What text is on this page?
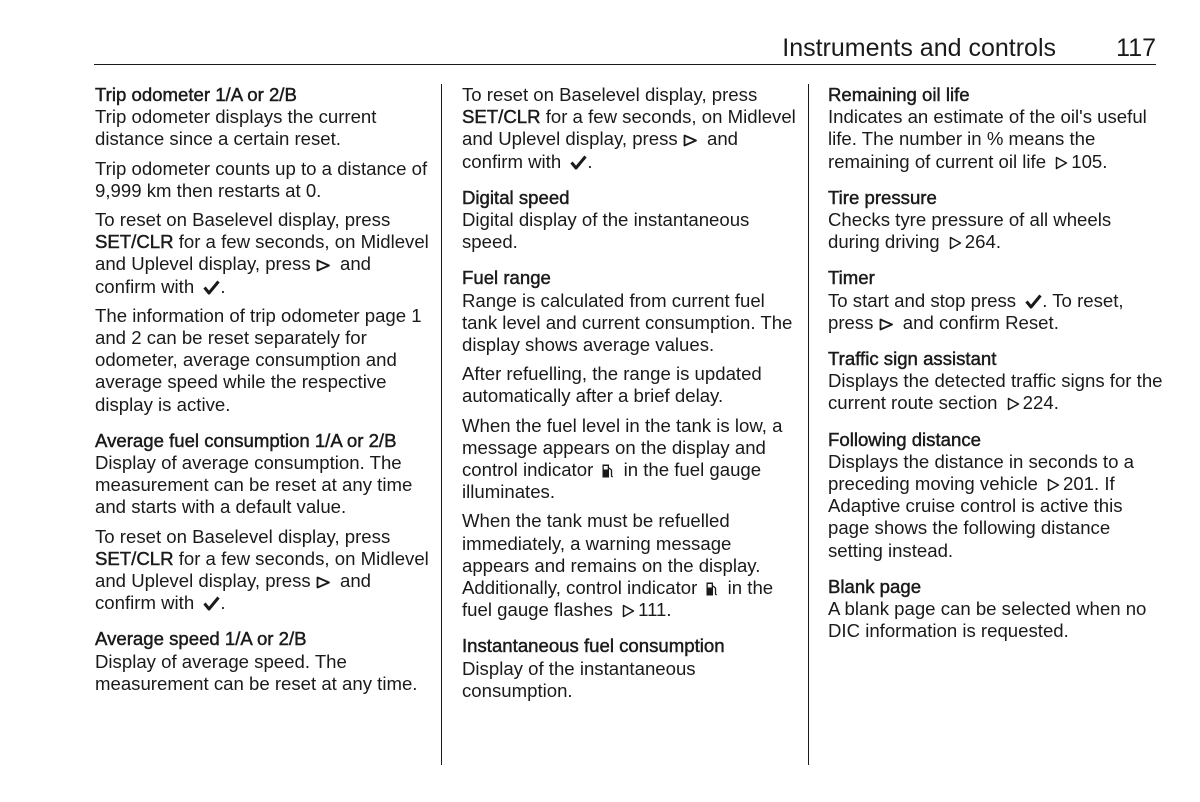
Instruments and controls 117
Trip odometer 1/A or 2/B

Trip odometer displays the current distance since a certain reset.

Trip odometer counts up to a distance of 9,999 km then restarts at 0.

To reset on Baselevel display, press SET/CLR for a few seconds, on Midlevel and Uplevel display, press  and confirm with .

The information of trip odometer page 1 and 2 can be reset separately for odometer, average consumption and average speed while the respective display is active.

Average fuel consumption 1/A or 2/B

Display of average consumption. The measurement can be reset at any time and starts with a default value.

To reset on Baselevel display, press SET/CLR for a few seconds, on Midlevel and Uplevel display, press  and confirm with .

Average speed 1/A or 2/B

Display of average speed. The measurement can be reset at any time.

To reset on Baselevel display, press SET/CLR for a few seconds, on Midlevel and Uplevel display, press  and confirm with .

Digital speed

Digital display of the instantaneous speed.

Fuel range

Range is calculated from current fuel tank level and current consumption. The display shows average values.

After refuelling, the range is updated automatically after a brief delay.

When the fuel level in the tank is low, a message appears on the display and control indicator  in the fuel gauge illuminates.

When the tank must be refuelled immediately, a warning message appears and remains on the display. Additionally, control indicator  in the fuel gauge flashes 111.

Instantaneous fuel consumption

Display of the instantaneous consumption.

Remaining oil life

Indicates an estimate of the oil's useful life. The number in % means the remaining of current oil life 105.

Tire pressure

Checks tyre pressure of all wheels during driving 264.

Timer

To start and stop press . To reset, press  and confirm Reset.

Traffic sign assistant

Displays the detected traffic signs for the current route section 224.

Following distance

Displays the distance in seconds to a preceding moving vehicle 201. If Adaptive cruise control is active this page shows the following distance setting instead.

Blank page

A blank page can be selected when no DIC information is requested.
